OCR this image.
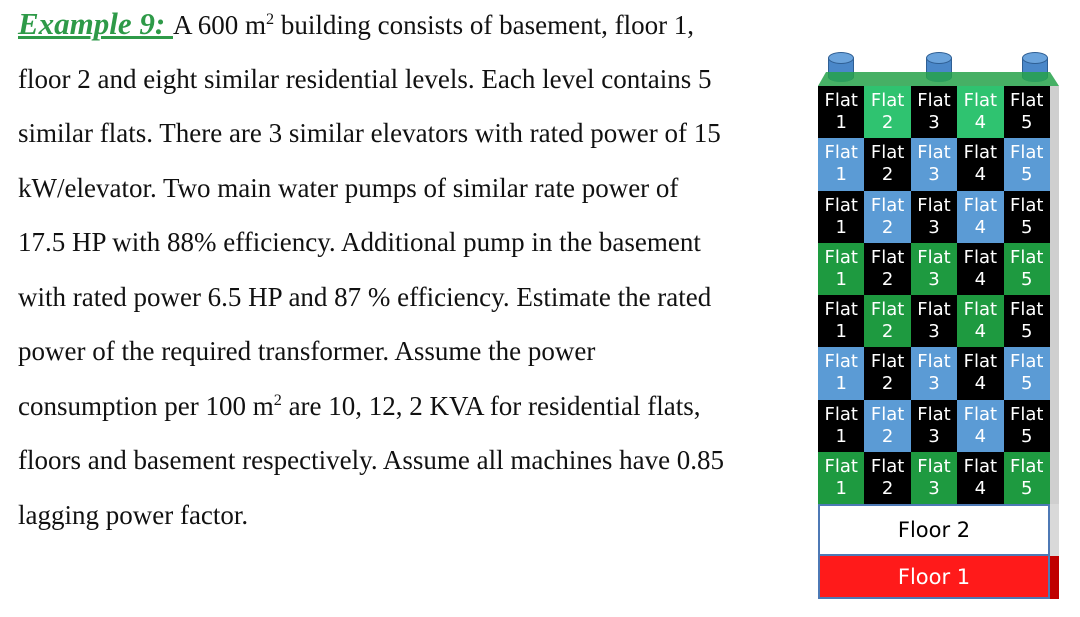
Example 9: A 600 $m^2$ building consists of basement, floor 1,
floor 2 and eight similar residential levels. Each level contains 5
similar flats. There are 3 similar elevators with rated power of 15
kW/elevator. Two main water pumps of similar rate power of
17.5 HP with 88% efficiency. Additional pump in the basement
with rated power 6.5 HP and 87 % efficiency. Estimate the rated
power of the required transformer. Assume the power
consumption per 100 $m^2$ are 10, 12, 2 KVA for residential flats,
floors and basement respectively. Assume all machines have 0.85
lagging power factor.
Flat
1
Flat
2
Flat
3
Flat
4
Flat
5
Flat
1
Flat
2
Flat
3
Flat
4
Flat
5
Flat
1
Flat
2
Flat
3
Flat
4
Flat
5
Flat
1
Flat
2
Flat
3
Flat
4
Flat
5
Flat
1
Flat
2
Flat
3
Flat
4
Flat
5
Flat
1
Flat
2
Flat
3
Flat
4
Flat
5
Flat
1
Flat
2
Flat
3
Flat
4
Flat
5
Flat
1
Flat
2
Flat
3
Flat
4
Flat
5
Floor 2
Floor 1
